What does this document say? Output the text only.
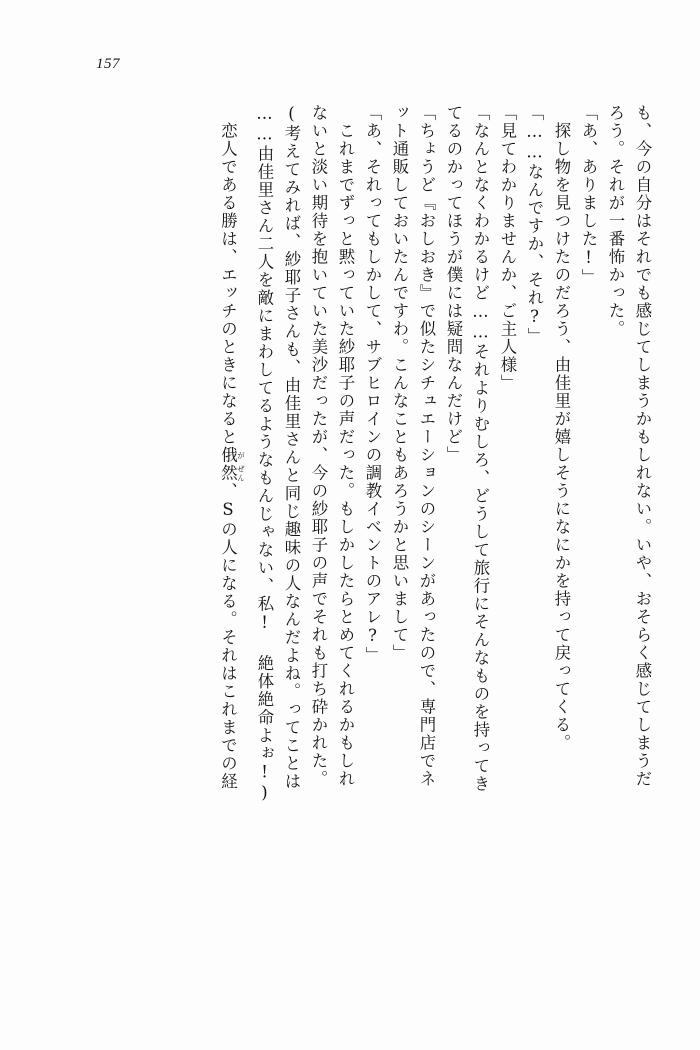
157
も、今の自分はそれでも感じてしまうかもしれない。いや、おそらく感じてしまうだ
ろう。それが一番怖かった。
「あ、ありました!」
　探し物を見つけたのだろう、由佳里が嬉しそうになにかを持って戻ってくる。
「……なんですか、それ?」
「見てわかりませんか、ご主人様」
「なんとなくわかるけど……それよりむしろ、どうして旅行にそんなものを持ってき
てるのかってほうが僕には疑問なんだけど」
「ちょうど『おしおき』で似たシチュエーションのシーンがあったので、専門店でネ
ット通販しておいたんですわ。こんなこともあろうかと思いまして」
「あ、それってもしかして、サブヒロインの調教イベントのアレ?」
　これまでずっと黙っていた紗耶子の声だった。もしかしたらとめてくれるかもしれ
ないと淡い期待を抱いていた美沙だったが、今の紗耶子の声でそれも打ち砕かれた。
(考えてみれば、紗耶子さんも、由佳里さんと同じ趣味の人なんだよね。ってことは
……由佳里さん二人を敵にまわしてるようなもんじゃない、私! 絶体絶命よぉ!)
　恋人である勝は、エッチのときになると俄 が然 ぜん、Sの人になる。それはこれまでの経
